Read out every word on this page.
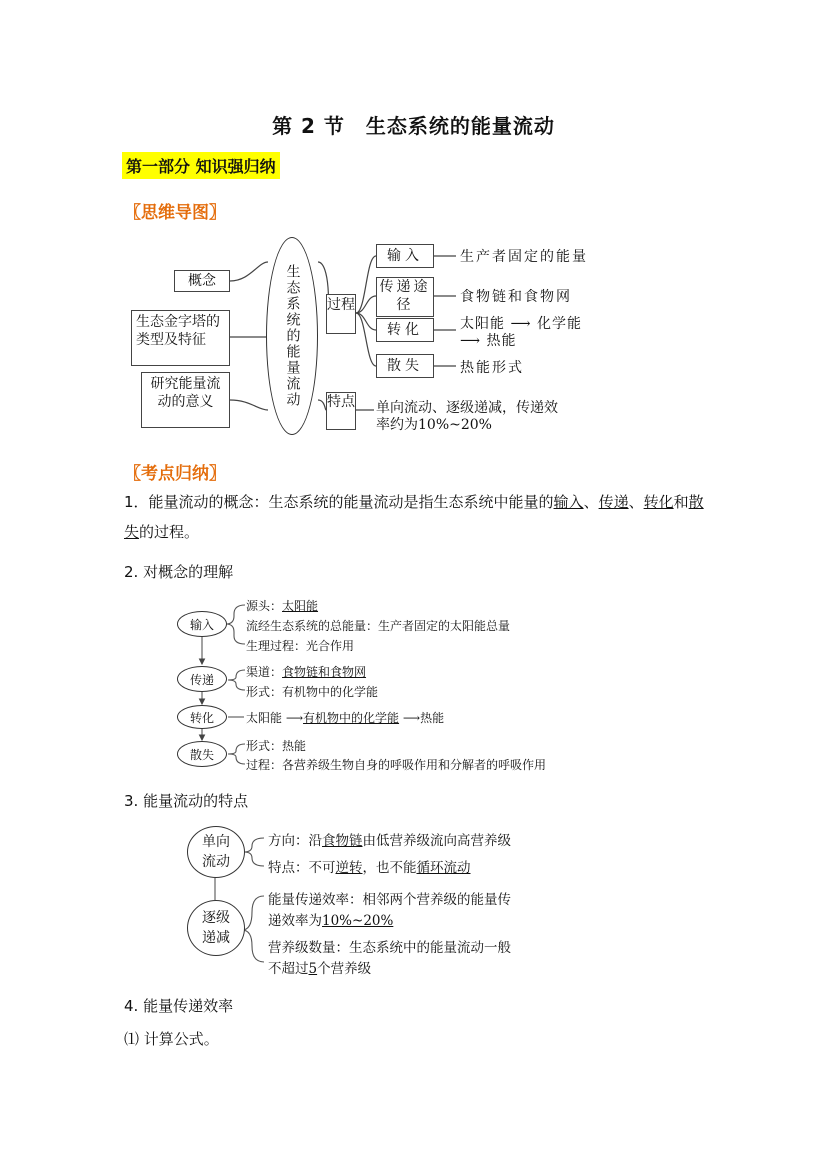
第 2 节　生态系统的能量流动
第一部分 知识强归纳
〖思维导图〗
概念
生态金字塔的类型及特征
研究能量流动的意义	生态系统的能量流动	过程
特点
输入
传递途径
转化
散失
生产者固定的能量
食物链和食物网
太阳能 ⟶ 化学能
⟶ 热能
热能形式
单向流动、逐级递减，传递效
率约为10%~20%
〖考点归纳〗
1．能量流动的概念：生态系统的能量流动是指生态系统中能量的输入、传递、转化和散失的过程。
2. 对概念的理解
输入
传递
转化
散失
源头：太阳能
流经生态系统的总能量：生产者固定的太阳能总量
生理过程：光合作用
渠道：食物链和食物网
形式：有机物中的化学能
太阳能 ⟶有机物中的化学能 ⟶热能
形式：热能
过程：各营养级生物自身的呼吸作用和分解者的呼吸作用
3. 能量流动的特点
单向流动
逐级递减
方向：沿食物链由低营养级流向高营养级
特点：不可逆转，也不能循环流动
能量传递效率：相邻两个营养级的能量传
递效率为10%~20%
营养级数量：生态系统中的能量流动一般
不超过5个营养级
4. 能量传递效率
⑴ 计算公式。
